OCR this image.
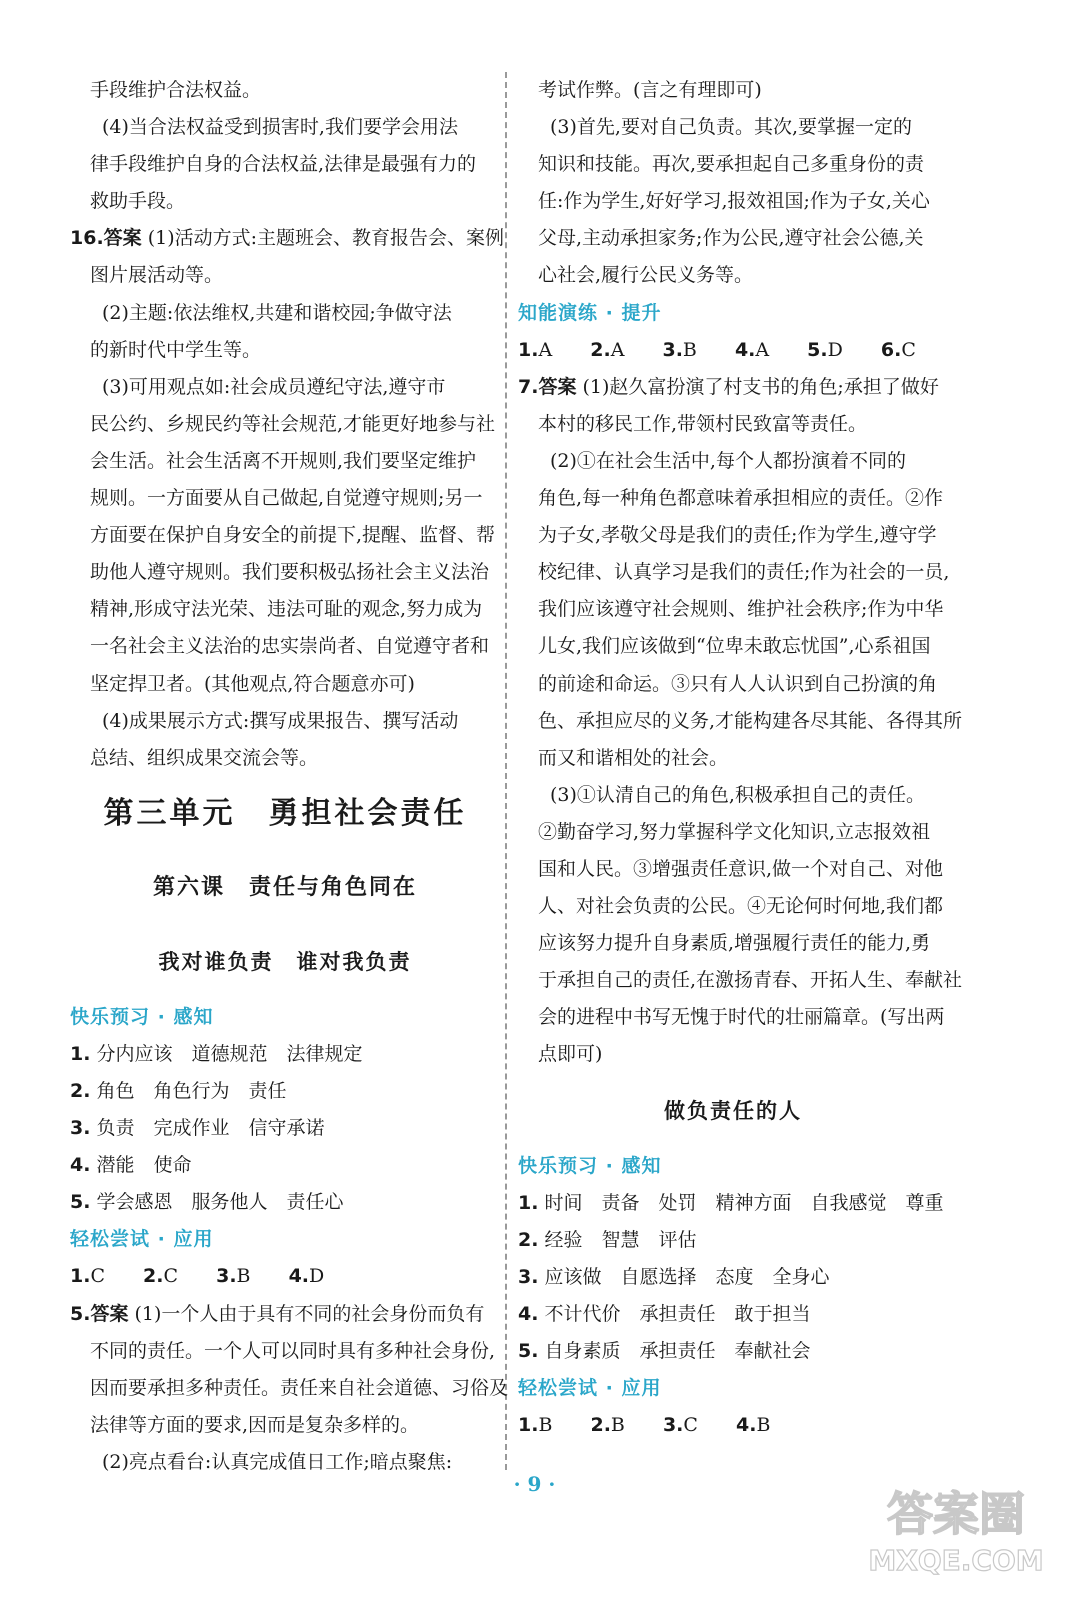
手段维护合法权益。
(4)当合法权益受到损害时,我们要学会用法
律手段维护自身的合法权益,法律是最强有力的
救助手段。
16.答案 (1)活动方式:主题班会、教育报告会、案例
图片展活动等。
(2)主题:依法维权,共建和谐校园;争做守法
的新时代中学生等。
(3)可用观点如:社会成员遵纪守法,遵守市
民公约、乡规民约等社会规范,才能更好地参与社
会生活。社会生活离不开规则,我们要坚定维护
规则。一方面要从自己做起,自觉遵守规则;另一
方面要在保护自身安全的前提下,提醒、监督、帮
助他人遵守规则。我们要积极弘扬社会主义法治
精神,形成守法光荣、违法可耻的观念,努力成为
一名社会主义法治的忠实崇尚者、自觉遵守者和
坚定捍卫者。(其他观点,符合题意亦可)
(4)成果展示方式:撰写成果报告、撰写活动
总结、组织成果交流会等。
第三单元　勇担社会责任
第六课　责任与角色同在
我对谁负责　谁对我负责
快乐预习 · 感知
1. 分内应该　道德规范　法律规定
2. 角色　角色行为　责任
3. 负责　完成作业　信守承诺
4. 潜能　使命
5. 学会感恩　服务他人　责任心
轻松尝试 · 应用
1.C 2.C 3.B 4.D
5.答案 (1)一个人由于具有不同的社会身份而负有
不同的责任。一个人可以同时具有多种社会身份,
因而要承担多种责任。责任来自社会道德、习俗及
法律等方面的要求,因而是复杂多样的。
(2)亮点看台:认真完成值日工作;暗点聚焦:
考试作弊。(言之有理即可)
(3)首先,要对自己负责。其次,要掌握一定的
知识和技能。再次,要承担起自己多重身份的责
任:作为学生,好好学习,报效祖国;作为子女,关心
父母,主动承担家务;作为公民,遵守社会公德,关
心社会,履行公民义务等。
知能演练 · 提升
1.A 2.A 3.B 4.A 5.D 6.C
7.答案 (1)赵久富扮演了村支书的角色;承担了做好
本村的移民工作,带领村民致富等责任。
(2)①在社会生活中,每个人都扮演着不同的
角色,每一种角色都意味着承担相应的责任。②作
为子女,孝敬父母是我们的责任;作为学生,遵守学
校纪律、认真学习是我们的责任;作为社会的一员,
我们应该遵守社会规则、维护社会秩序;作为中华
儿女,我们应该做到“位卑未敢忘忧国”,心系祖国
的前途和命运。③只有人人认识到自己扮演的角
色、承担应尽的义务,才能构建各尽其能、各得其所
而又和谐相处的社会。
(3)①认清自己的角色,积极承担自己的责任。
②勤奋学习,努力掌握科学文化知识,立志报效祖
国和人民。③增强责任意识,做一个对自己、对他
人、对社会负责的公民。④无论何时何地,我们都
应该努力提升自身素质,增强履行责任的能力,勇
于承担自己的责任,在激扬青春、开拓人生、奉献社
会的进程中书写无愧于时代的壮丽篇章。(写出两
点即可)
做负责任的人
快乐预习 · 感知
1. 时间　责备　处罚　精神方面　自我感觉　尊重
2. 经验　智慧　评估
3. 应该做　自愿选择　态度　全身心
4. 不计代价　承担责任　敢于担当
5. 自身素质　承担责任　奉献社会
轻松尝试 · 应用
1.B 2.B 3.C 4.B
· 9 ·
答案圈
MXQE.COM
